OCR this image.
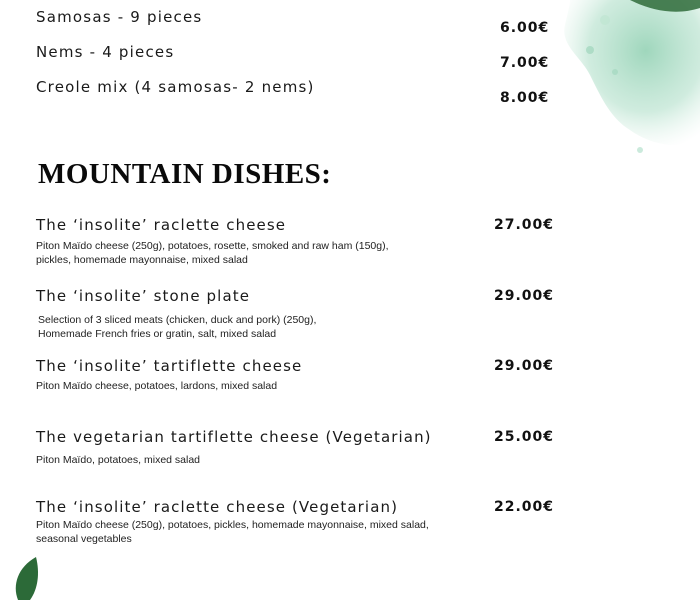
Samosas - 9 pieces
6.00€
Nems - 4 pieces
7.00€
Creole mix (4 samosas- 2 nems)
8.00€
MOUNTAIN DISHES:
The ‘insolite’ raclette cheese	27.00€
Piton Maïdo cheese (250g), potatoes, rosette, smoked and raw ham (150g),
pickles, homemade mayonnaise, mixed salad
The ‘insolite’ stone plate	29.00€
Selection of 3 sliced meats (chicken, duck and pork) (250g),
Homemade French fries or gratin, salt, mixed salad
The ‘insolite’ tartiflette cheese	29.00€
Piton Maïdo cheese, potatoes, lardons, mixed salad
The vegetarian tartiflette cheese (Vegetarian)	25.00€
Piton Maïdo, potatoes, mixed salad
The ‘insolite’ raclette cheese (Vegetarian)	22.00€
Piton Maïdo cheese (250g), potatoes, pickles, homemade mayonnaise, mixed salad,
seasonal vegetables
